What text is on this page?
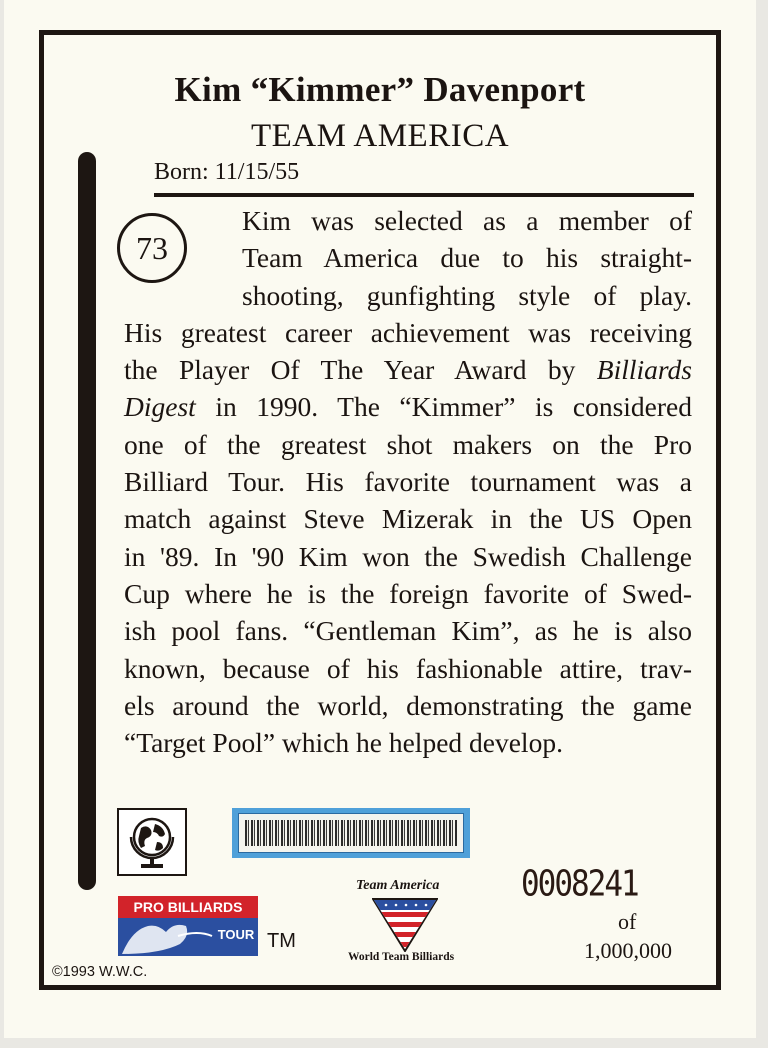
Kim “Kimmer” Davenport
TEAM AMERICA
Born: 11/15/55
73
Kim was selected as a member of
Team America due to his straight-
shooting, gunfighting style of play.
His greatest career achievement was receiving
the Player Of The Year Award by Billiards
Digest in 1990. The “Kimmer” is considered
one of the greatest shot makers on the Pro
Billiard Tour. His favorite tournament was a
match against Steve Mizerak in the US Open
in '89. In '90 Kim won the Swedish Challenge
Cup where he is the foreign favorite of Swed-
ish pool fans. “Gentleman Kim”, as he is also
known, because of his fashionable attire, trav-
els around the world, demonstrating the game
“Target Pool” which he helped develop.
0008241
of
1,000,000
PRO BILLIARDS
TOUR TM
Team America
World Team Billiards
©1993 W.W.C.
